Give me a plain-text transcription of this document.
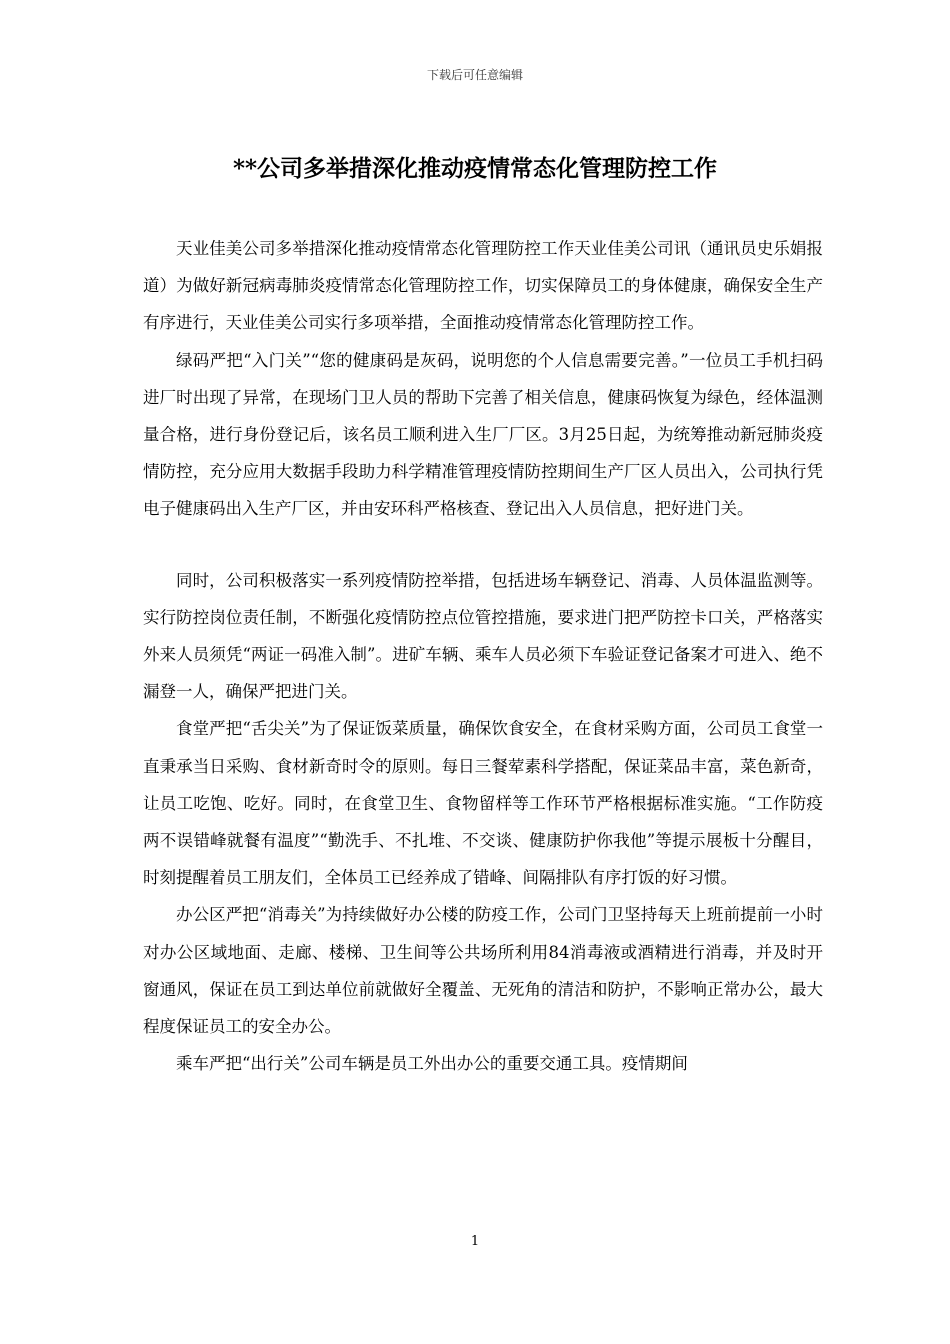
下载后可任意编辑
**公司多举措深化推动疫情常态化管理防控工作

天业佳美公司多举措深化推动疫情常态化管理防控工作天业佳美公司讯（通讯员史乐娟报道）为做好新冠病毒肺炎疫情常态化管理防控工作，切实保障员工的身体健康，确保安全生产有序进行，天业佳美公司实行多项举措，全面推动疫情常态化管理防控工作。

绿码严把“入门关”“您的健康码是灰码，说明您的个人信息需要完善。”一位员工手机扫码进厂时出现了异常，在现场门卫人员的帮助下完善了相关信息，健康码恢复为绿色，经体温测量合格，进行身份登记后，该名员工顺利进入生厂厂区。3月25日起，为统筹推动新冠肺炎疫情防控，充分应用大数据手段助力科学精准管理疫情防控期间生产厂区人员出入，公司执行凭电子健康码出入生产厂区，并由安环科严格核查、登记出入人员信息，把好进门关。

同时，公司积极落实一系列疫情防控举措，包括进场车辆登记、消毒、人员体温监测等。实行防控岗位责任制，不断强化疫情防控点位管控措施，要求进门把严防控卡口关，严格落实外来人员须凭“两证一码准入制”。进矿车辆、乘车人员必须下车验证登记备案才可进入、绝不漏登一人，确保严把进门关。

食堂严把“舌尖关”为了保证饭菜质量，确保饮食安全，在食材采购方面，公司员工食堂一直秉承当日采购、食材新奇时令的原则。每日三餐荤素科学搭配，保证菜品丰富，菜色新奇，让员工吃饱、吃好。同时，在食堂卫生、食物留样等工作环节严格根据标准实施。“工作防疫两不误错峰就餐有温度”“勤洗手、不扎堆、不交谈、健康防护你我他”等提示展板十分醒目，时刻提醒着员工朋友们，全体员工已经养成了错峰、间隔排队有序打饭的好习惯。

办公区严把“消毒关”为持续做好办公楼的防疫工作，公司门卫坚持每天上班前提前一小时对办公区域地面、走廊、楼梯、卫生间等公共场所利用84消毒液或酒精进行消毒，并及时开窗通风，保证在员工到达单位前就做好全覆盖、无死角的清洁和防护，不影响正常办公，最大程度保证员工的安全办公。

乘车严把“出行关”公司车辆是员工外出办公的重要交通工具。疫情期间

1
